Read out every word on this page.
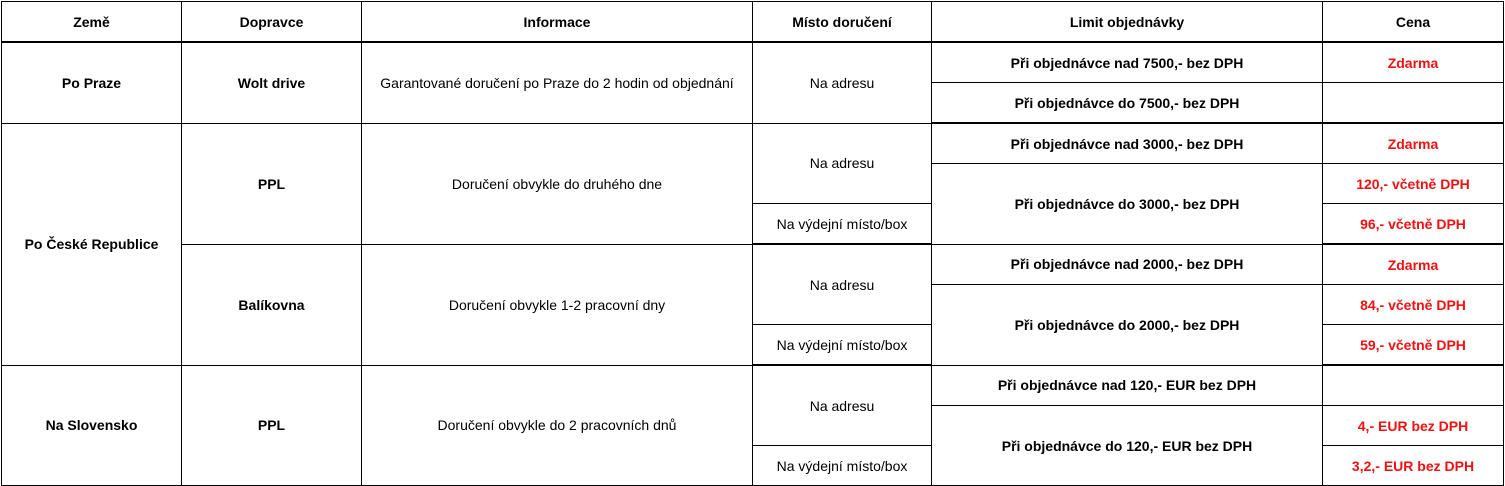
Země	Dopravce	Informace	Místo doručení	Limit objednávky	Cena
Po Praze	Wolt drive	Garantované doručení po Praze do 2 hodin od objednání	Na adresu	Při objednávce nad 7500,- bez DPH	Zdarma
				Při objednávce do 7500,- bez DPH	
Po České Republice	PPL	Doručení obvykle do druhého dne	Na adresu	Při objednávce nad 3000,- bez DPH	Zdarma
				Při objednávce do 3000,- bez DPH	120,- včetně DPH
			Na výdejní místo/box		96,- včetně DPH
	Balíkovna	Doručení obvykle 1-2 pracovní dny	Na adresu	Při objednávce nad 2000,- bez DPH	Zdarma
				Při objednávce do 2000,- bez DPH	84,- včetně DPH
			Na výdejní místo/box		59,- včetně DPH
Na Slovensko	PPL	Doručení obvykle do 2 pracovních dnů	Na adresu	Při objednávce nad 120,- EUR bez DPH	
				Při objednávce do 120,- EUR bez DPH	4,- EUR bez DPH
			Na výdejní místo/box		3,2,- EUR bez DPH
